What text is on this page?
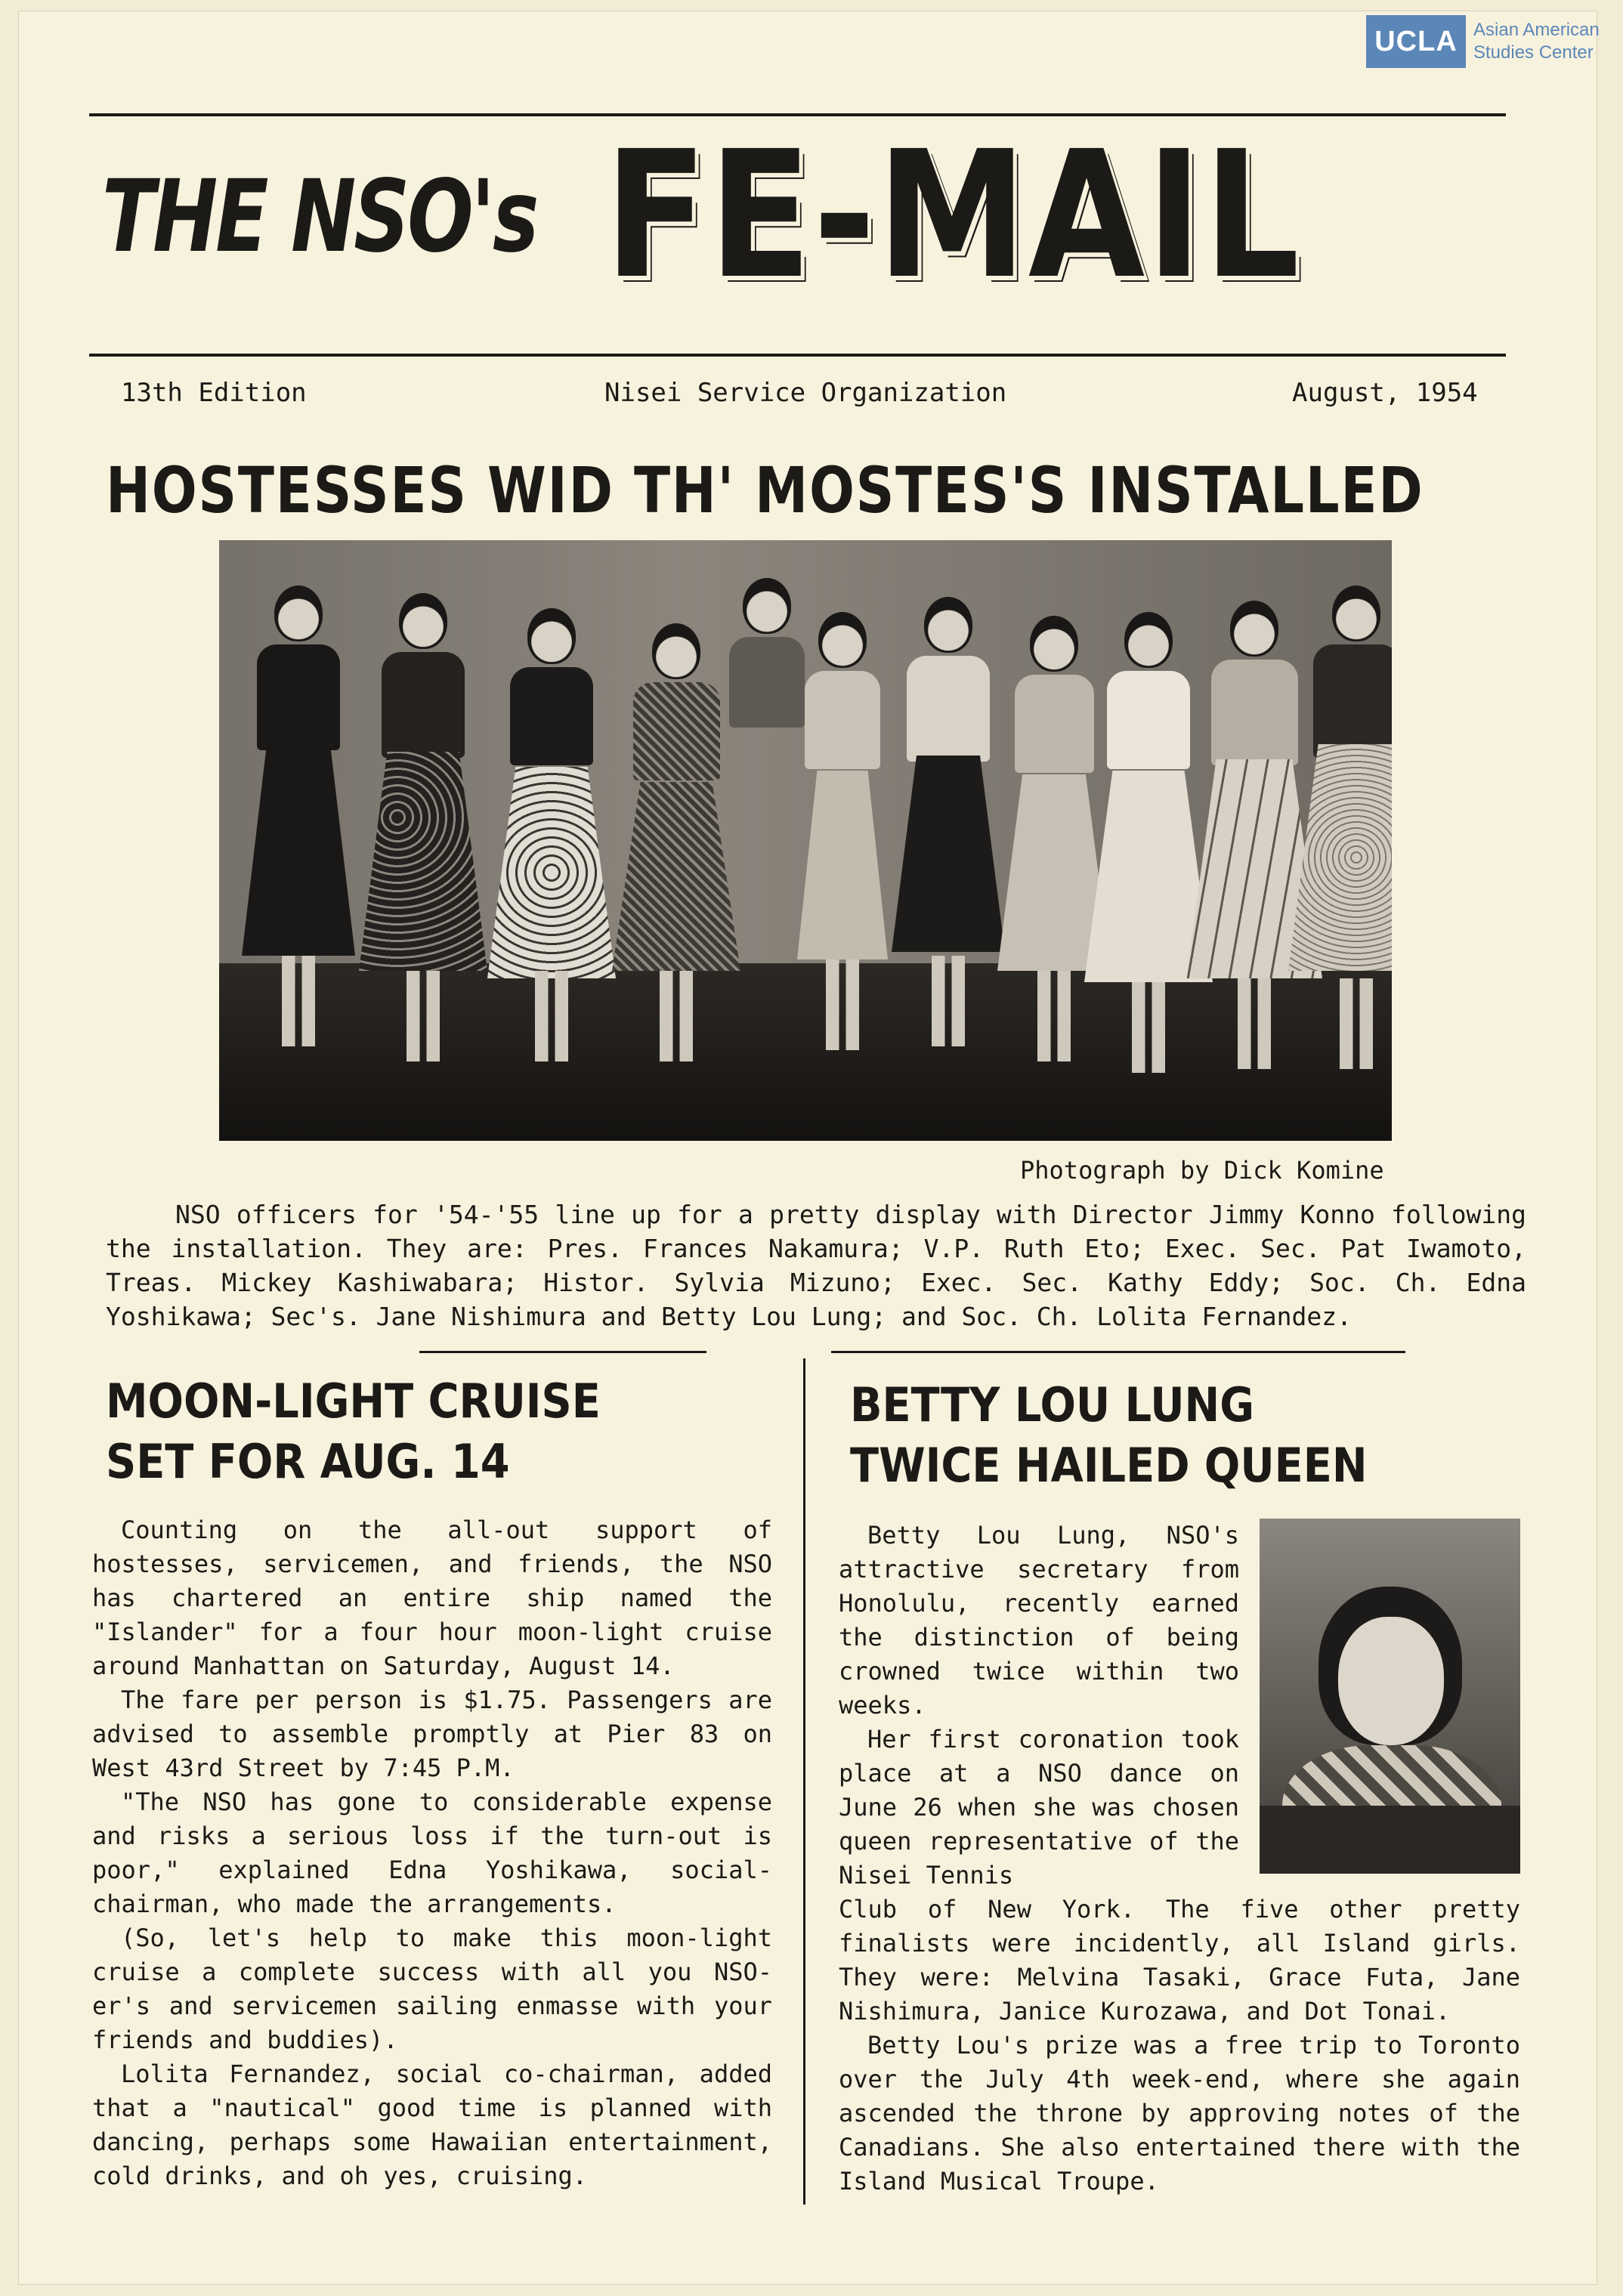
UCLA Asian American
Studies Center
THE NSO's FE-MAIL
13th Edition	Nisei Service Organization	August, 1954
HOSTESSES WID TH' MOSTES'S INSTALLED
Photograph by Dick Komine
NSO officers for '54-'55 line up for a pretty display with Director Jimmy Konno following the installation. They are: Pres. Frances Nakamura; V.P. Ruth Eto; Exec. Sec. Pat Iwamoto, Treas. Mickey Kashiwabara; Histor. Sylvia Mizuno; Exec. Sec. Kathy Eddy; Soc. Ch. Edna Yoshikawa; Sec's. Jane Nishimura and Betty Lou Lung; and Soc. Ch. Lolita Fernandez.
MOON-LIGHT CRUISE
SET FOR AUG. 14

Counting on the all-out support of hostesses, servicemen, and friends, the NSO has chartered an entire ship named the "Islander" for a four hour moon-light cruise around Manhattan on Saturday, August 14.

The fare per person is $1.75. Passengers are advised to assemble promptly at Pier 83 on West 43rd Street by 7:45 P.M.

"The NSO has gone to considerable expense and risks a serious loss if the turn-out is poor," explained Edna Yoshikawa, social-chairman, who made the arrangements.

(So, let's help to make this moon-light cruise a complete success with all you NSO-er's and servicemen sailing enmasse with your friends and buddies).

Lolita Fernandez, social co-chairman, added that a "nautical" good time is planned with dancing, perhaps some Hawaiian entertainment, cold drinks, and oh yes, cruising.

BETTY LOU LUNG
TWICE HAILED QUEEN

Betty Lou Lung, NSO's attractive secretary from Honolulu, recently earned the distinction of being crowned twice within two weeks.

Her first coronation took place at a NSO dance on June 26 when she was chosen queen representative of the Nisei Tennis

Club of New York. The five other pretty finalists were incidently, all Island girls. They were: Melvina Tasaki, Grace Futa, Jane Nishimura, Janice Kurozawa, and Dot Tonai.

Betty Lou's prize was a free trip to Toronto over the July 4th week-end, where she again ascended the throne by approving notes of the Canadians. She also entertained there with the Island Musical Troupe.
